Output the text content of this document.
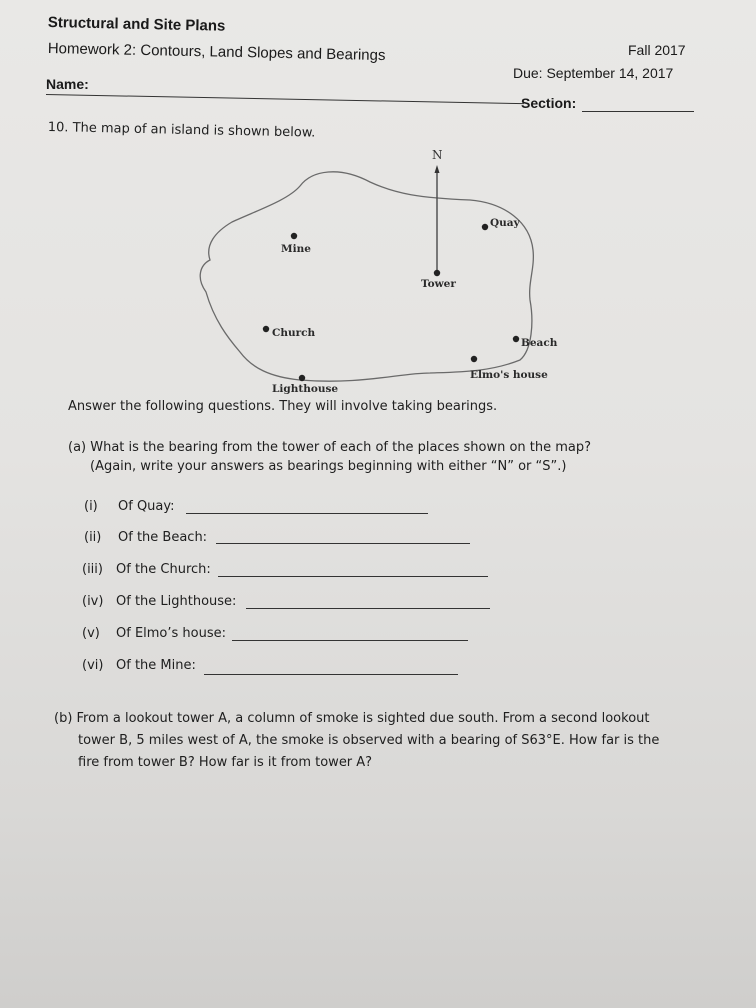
Structural and Site Plans
Homework 2: Contours, Land Slopes and Bearings	Fall 2017
Due: September 14, 2017
Name:
Section:
10. The map of an island is shown below.
N
Quay
Mine
Tower
Church
Beach
Elmo's house
Lighthouse
Answer the following questions. They will involve taking bearings.
(a) What is the bearing from the tower of each of the places shown on the map?
(Again, write your answers as bearings beginning with either “N” or “S”.)
(i) Of Quay:
(ii) Of the Beach:
(iii) Of the Church:
(iv) Of the Lighthouse:
(v) Of Elmo’s house:
(vi) Of the Mine:
(b) From a lookout tower A, a column of smoke is sighted due south. From a second lookout
tower B, 5 miles west of A, the smoke is observed with a bearing of S63°E. How far is the
fire from tower B? How far is it from tower A?
